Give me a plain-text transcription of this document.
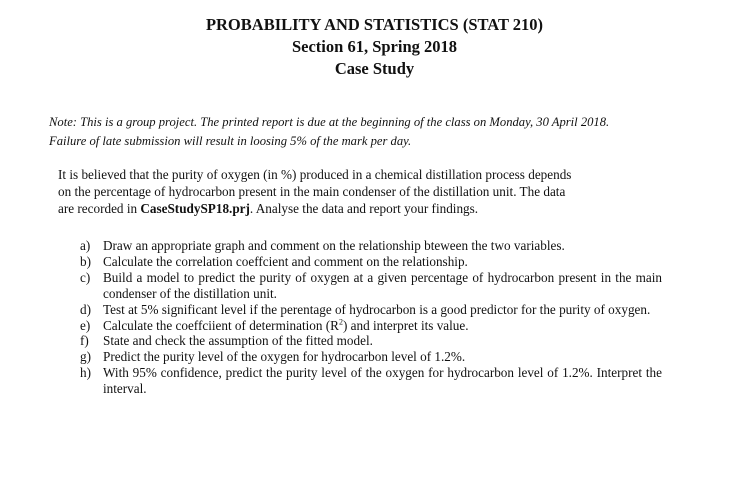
PROBABILITY AND STATISTICS (STAT 210)
Section 61, Spring 2018
Case Study
Note: This is a group project. The printed report is due at the beginning of the class on Monday, 30 April 2018.
Failure of late submission will result in loosing 5% of the mark per day.
It is believed that the purity of oxygen (in %) produced in a chemical distillation process depends
on the percentage of hydrocarbon present in the main condenser of the distillation unit. The data
are recorded in CaseStudySP18.prj. Analyse the data and report your findings.
a) Draw an appropriate graph and comment on the relationship bteween the two variables.
b) Calculate the correlation coeffcient and comment on the relationship.
c) Build a model to predict the purity of oxygen at a given percentage of hydrocarbon present in the main condenser of the distillation unit.
d) Test at 5% significant level if the perentage of hydrocarbon is a good predictor for the purity of oxygen.
e) Calculate the coeffciient of determination $(R^2)$ and interpret its value.
f)	State and check the assumption of the fitted model.
g) Predict the purity level of the oxygen for hydrocarbon level of 1.2%.
h) With 95% confidence, predict the purity level of the oxygen for hydrocarbon level of 1.2%. Interpret the interval.
